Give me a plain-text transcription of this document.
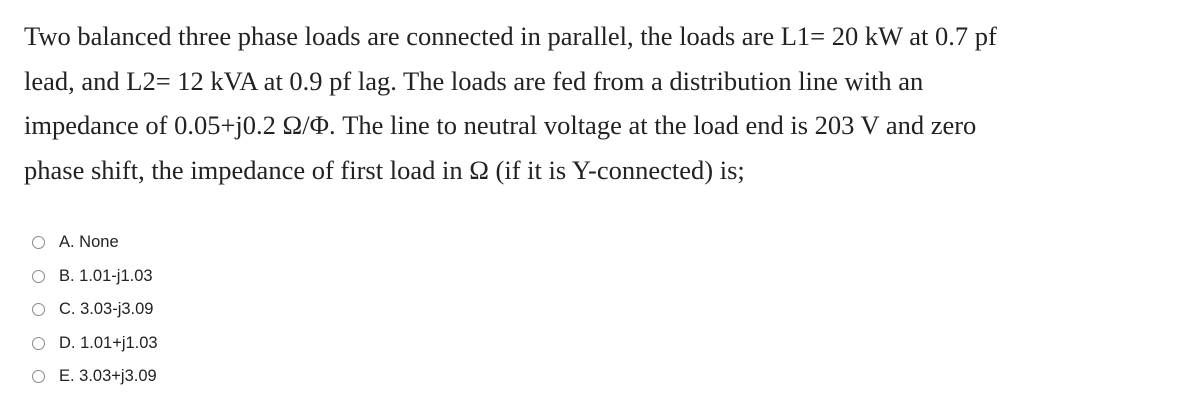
Two balanced three phase loads are connected in parallel, the loads are L1= 20 kW at 0.7 pf

lead, and L2= 12 kVA at 0.9 pf lag. The loads are fed from a distribution line with an

impedance of 0.05+j0.2 Ω/Φ. The line to neutral voltage at the load end is 203 V and zero

phase shift, the impedance of first load in Ω (if it is Y-connected) is;

A. None
B. 1.01-j1.03
C. 3.03-j3.09
D. 1.01+j1.03
E. 3.03+j3.09
